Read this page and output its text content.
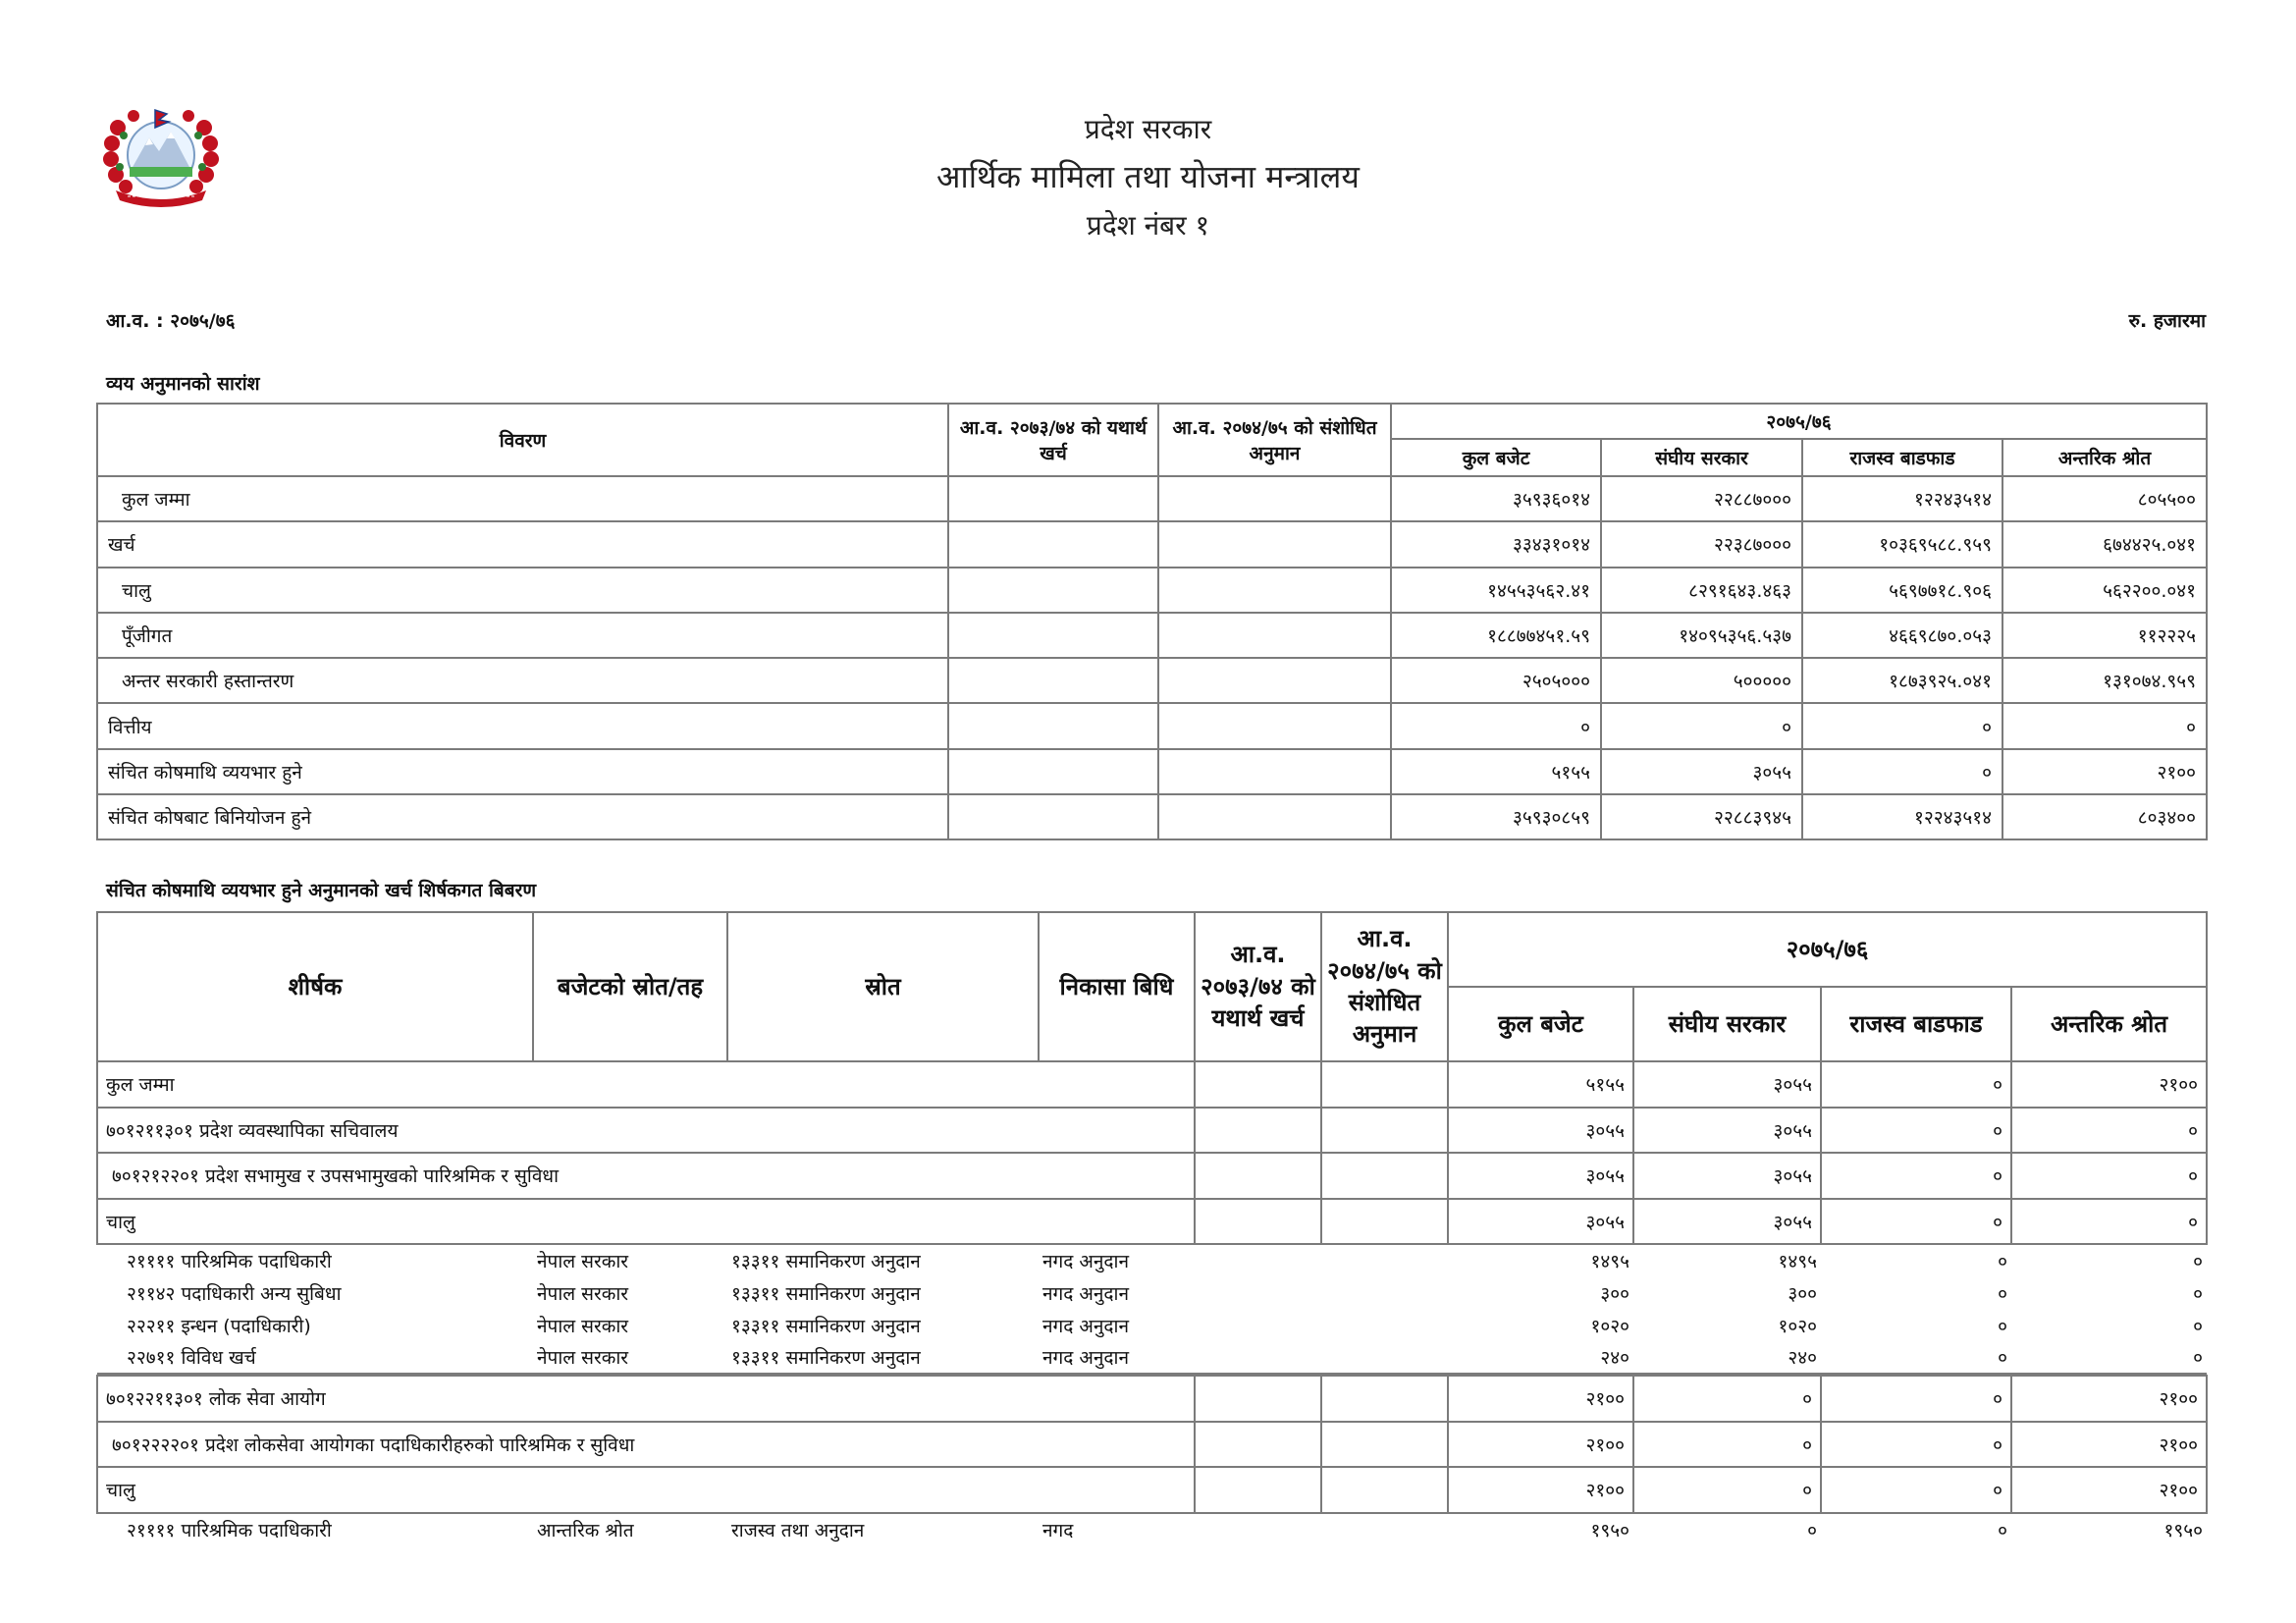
प्रदेश सरकार
आर्थिक मामिला तथा योजना मन्त्रालय
प्रदेश नंबर १
आ.व. : २०७५/७६	रु. हजारमा
व्यय अनुमानको सारांश
विवरण	आ.व. २०७३/७४ को यथार्थ खर्च	आ.व. २०७४/७५ को संशोधित अनुमान	२०७५/७६			
			कुल बजेट	संघीय सरकार	राजस्व बाडफाड	अन्तरिक श्रोत
कुल जम्मा			३५९३६०१४	२२८८७०००	१२२४३५१४	८०५५००
खर्च			३३४३१०१४	२२३८७०००	१०३६९५८८.९५९	६७४४२५.०४१
चालु			१४५५३५६२.४१	८२९१६४३.४६३	५६९७७१८.९०६	५६२२००.०४१
पूँजीगत			१८८७७४५१.५९	१४०९५३५६.५३७	४६६९८७०.०५३	११२२२५
अन्तर सरकारी हस्तान्तरण			२५०५०००	५०००००	१८७३९२५.०४१	१३१०७४.९५९
वित्तीय			०	०	०	०
संचित कोषमाथि व्ययभार हुने			५१५५	३०५५	०	२१००
संचित कोषबाट बिनियोजन हुने			३५९३०८५९	२२८८३९४५	१२२४३५१४	८०३४००
संचित कोषमाथि व्ययभार हुने अनुमानको खर्च शिर्षकगत बिबरण
शीर्षक	बजेटको स्रोत/तह	स्रोत	निकासा बिधि	आ.व. २०७३/७४ को यथार्थ खर्च	आ.व. २०७४/७५ को संशोधित अनुमान	२०७५/७६			
						कुल बजेट	संघीय सरकार	राजस्व बाडफाड	अन्तरिक श्रोत
कुल जम्मा						५१५५	३०५५	०	२१००
७०१२११३०१ प्रदेश व्यवस्थापिका सचिवालय						३०५५	३०५५	०	०
७०१२१२२०१ प्रदेश सभामुख र उपसभामुखको पारिश्रमिक र सुविधा						३०५५	३०५५	०	०
चालु						३०५५	३०५५	०	०
२११११ पारिश्रमिक पदाधिकारी	नेपाल सरकार	१३३११ समानिकरण अनुदान	नगद अनुदान			१४९५	१४९५	०	०
२११४२ पदाधिकारी अन्य सुबिधा	नेपाल सरकार	१३३११ समानिकरण अनुदान	नगद अनुदान			३००	३००	०	०
२२२११ इन्धन (पदाधिकारी)	नेपाल सरकार	१३३११ समानिकरण अनुदान	नगद अनुदान			१०२०	१०२०	०	०
२२७११ विविध खर्च	नेपाल सरकार	१३३११ समानिकरण अनुदान	नगद अनुदान			२४०	२४०	०	०

७०१२२११३०१ लोक सेवा आयोग						२१००	०	०	२१००
७०१२२२२०१ प्रदेश लोकसेवा आयोगका पदाधिकारीहरुको पारिश्रमिक र सुविधा						२१००	०	०	२१००
चालु						२१००	०	०	२१००
२११११ पारिश्रमिक पदाधिकारी	आन्तरिक श्रोत	राजस्व तथा अनुदान	नगद			१९५०	०	०	१९५०
